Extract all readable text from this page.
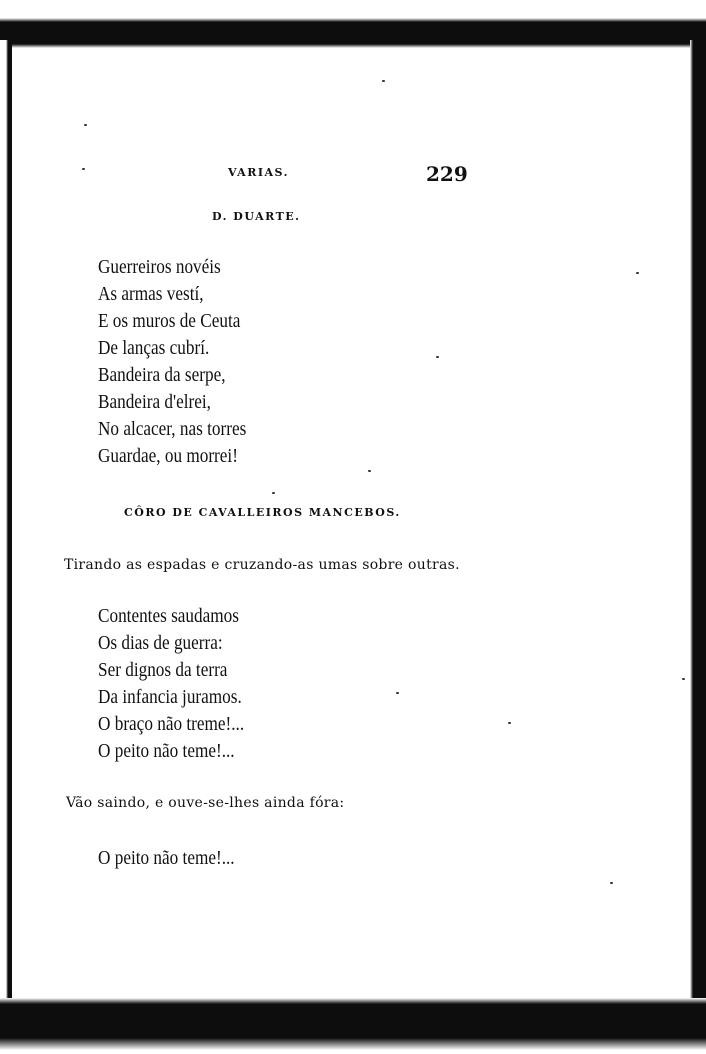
VARIAS.	229
D. DUARTE.
Guerreiros novéis
As armas vestí,
E os muros de Ceuta
De lanças cubrí.
Bandeira da serpe,
Bandeira d'elrei,
No alcacer, nas torres
Guardae, ou morrei!
CÔRO DE CAVALLEIROS MANCEBOS.
Tirando as espadas e cruzando-as umas sobre outras.
Contentes saudamos
Os dias de guerra:
Ser dignos da terra
Da infancia juramos.
O braço não treme!...
O peito não teme!...
Vão saindo, e ouve-se-lhes ainda fóra:
O peito não teme!...
